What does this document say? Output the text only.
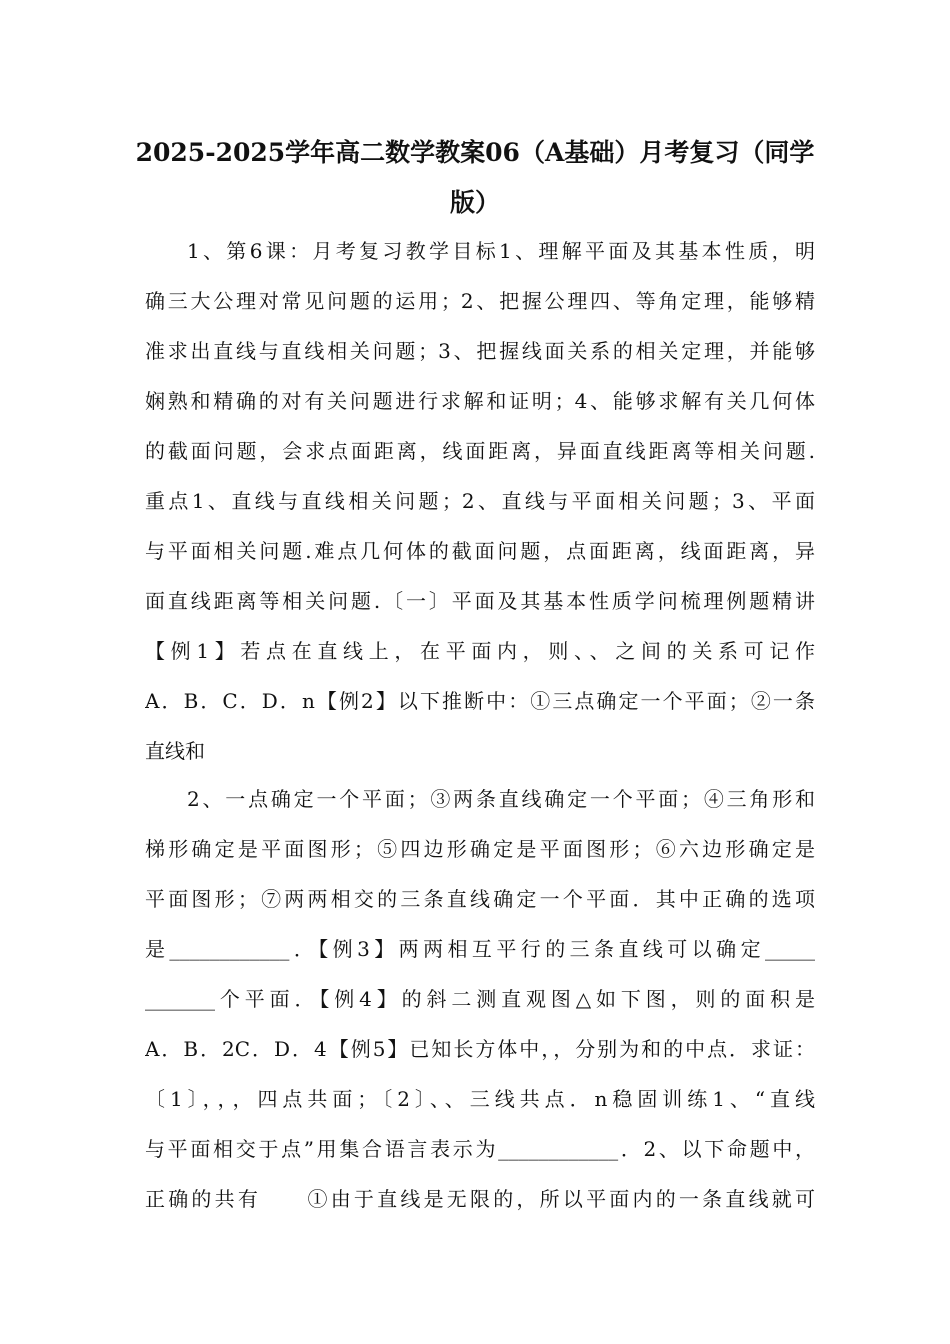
2025-2025学年高二数学教案06（A基础）月考复习（同学
版）
1、第6课：月考复习教学目标1、理解平面及其基本性质，明
确三大公理对常见问题的运用；2、把握公理四、等角定理，能够精
准求出直线与直线相关问题；3、把握线面关系的相关定理，并能够
娴熟和精确的对有关问题进行求解和证明；4、能够求解有关几何体
的截面问题，会求点面距离，线面距离，异面直线距离等相关问题.
重点1、直线与直线相关问题；2、直线与平面相关问题；3、平面
与平面相关问题.难点几何体的截面问题，点面距离，线面距离，异
面直线距离等相关问题.〔一〕平面及其基本性质学问梳理例题精讲
【例1】若点在直线上，在平面内，则、、之间的关系可记作
A．B．C．D．n【例2】以下推断中：①三点确定一个平面；②一条
直线和
2、一点确定一个平面；③两条直线确定一个平面；④三角形和
梯形确定是平面图形；⑤四边形确定是平面图形；⑥六边形确定是
平面图形；⑦两两相交的三条直线确定一个平面．其中正确的选项
是____________．【例3】两两相互平行的三条直线可以确定_____
_______个平面．【例4】的斜二测直观图△如下图，则的面积是
A．B．2C．D．4【例5】已知长方体中，，分别为和的中点．求证：
〔1〕，，，四点共面；〔2〕、、三线共点．n稳固训练1、“直线
与平面相交于点”用集合语言表示为____________．2、以下命题中，
正确的共有　　①由于直线是无限的，所以平面内的一条直线就可
